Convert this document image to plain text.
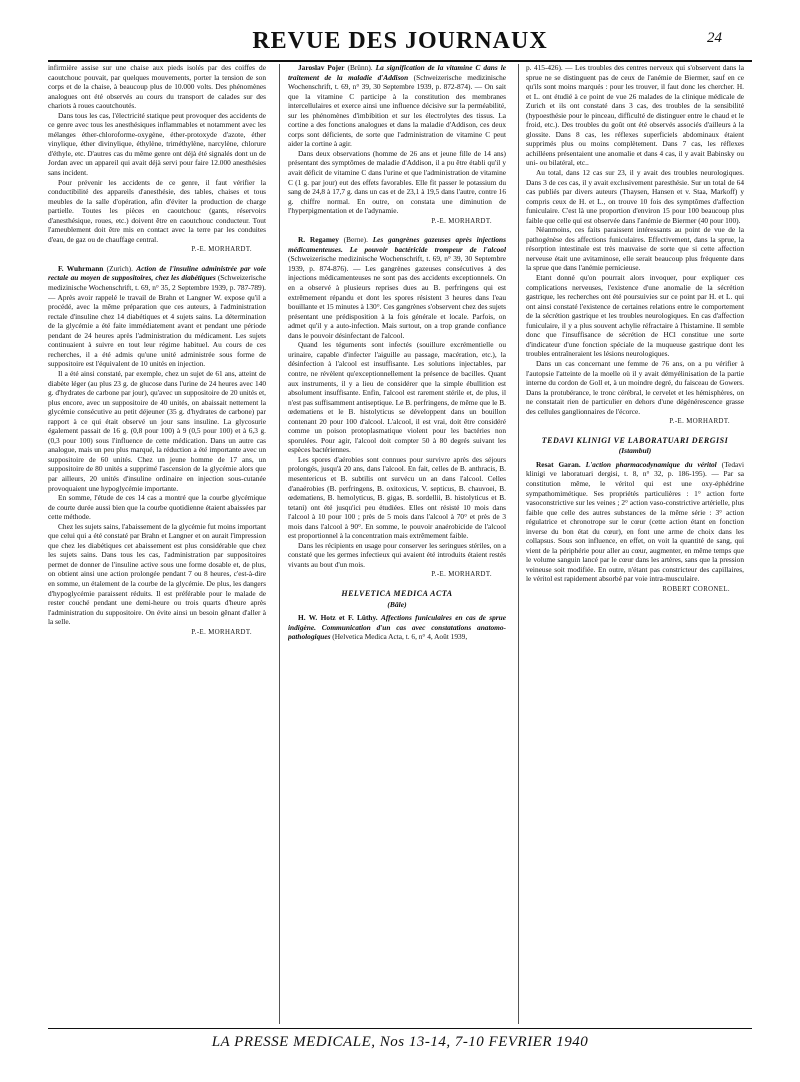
REVUE DES JOURNAUX	24

infirmière assise sur une chaise aux pieds isolés par des coiffes de caoutchouc pouvait, par quelques mouvements, porter la tension de son corps et de la chaise, à beaucoup plus de 10.000 volts. Des phénomènes analogues ont été observés au cours du transport de calades sur des chariots à roues caoutchoutés.

Dans tous les cas, l'électricité statique peut provoquer des accidents de ce genre avec tous les anesthésiques inflammables et notamment avec les mélanges éther-chloroforme-oxygène, éther-protoxyde d'azote, éther vinylique, éther divinylique, éthylène, triméthylène, narcylène, chlorure d'éthyle, etc. D'autres cas du même genre ont déjà été signalés dont un de Jordan avec un appareil qui avait déjà servi pour faire 12.000 anesthésies sans incident.

Pour prévenir les accidents de ce genre, il faut vérifier la conductibilité des appareils d'anesthésie, des tables, chaises et tous meubles de la salle d'opération, afin d'éviter la production de charge partielle. Toutes les pièces en caoutchouc (gants, réservoirs d'anesthésique, roues, etc.) doivent être en caoutchouc conducteur. Tout l'ameublement doit être mis en contact avec la terre par les conduites d'eau, de gaz ou de chauffage central.

P.-E. MORHARDT.

F. Wuhrmann (Zurich). Action de l'insuline administrée par voie rectale au moyen de suppositoires, chez les diabétiques (Schweizerische medizinische Wochenschrift, t. 69, n° 35, 2 Septembre 1939, p. 787-789). — Après avoir rappelé le travail de Brahn et Langner W. expose qu'il a procédé, avec la même préparation que ces auteurs, à l'administration rectale d'insuline chez 14 diabétiques et 4 sujets sains. La détermination de la glycémie a été faite immédiatement avant et pendant une période pendant de 24 heures après l'administration du médicament. Les sujets continuaient à suivre en tout leur régime habituel. Au cours de ces recherches, il a été admis qu'une unité administrée sous forme de suppositoire est l'équivalent de 10 unités en injection.

Il a été ainsi constaté, par exemple, chez un sujet de 61 ans, atteint de diabète léger (au plus 23 g. de glucose dans l'urine de 24 heures avec 140 g. d'hydrates de carbone par jour), qu'avec un suppositoire de 20 unités et, plus encore, avec un suppositoire de 40 unités, on abaissait nettement la glycémie consécutive au petit déjeuner (35 g. d'hydrates de carbone) par rapport à ce qui était observé un jour sans insuline. La glycosurie également passait de 16 g. (0,8 pour 100) à 9 (0,5 pour 100) et à 6,3 g. (0,3 pour 100) sous l'influence de cette médication. Dans un autre cas analogue, mais un peu plus marqué, la réduction a été importante avec un suppositoire de 60 unités. Chez un jeune homme de 17 ans, un suppositoire de 80 unités a supprimé l'ascension de la glycémie alors que par ailleurs, 20 unités d'insuline ordinaire en injection sous-cutanée provoquaient une hypoglycémie importante.

En somme, l'étude de ces 14 cas a montré que la courbe glycémique de courte durée aussi bien que la courbe quotidienne étaient abaissées par cette méthode.

Chez les sujets sains, l'abaissement de la glycémie fut moins important que celui qui a été constaté par Brahn et Langner et on aurait l'impression que chez les diabétiques cet abaissement est plus considérable que chez les sujets sains. Dans tous les cas, l'administration par suppositoires permet de donner de l'insuline active sous une forme dosable et, de plus, on obtient ainsi une action prolongée pendant 7 ou 8 heures, c'est-à-dire en somme, un étalement de la courbe de la glycémie. De plus, les dangers d'hypoglycémie paraissent réduits. Il est préférable pour le malade de rester couché pendant une demi-heure ou trois quarts d'heure après l'administration du suppositoire. On évite ainsi un besoin gênant d'aller à la selle.

P.-E. MORHARDT.

Jaroslav Pojer (Brünn). La signification de la vitamine C dans le traitement de la maladie d'Addison (Schweizerische medizinische Wochenschrift, t. 69, n° 39, 30 Septembre 1939, p. 872-874). — On sait que la vitamine C participe à la constitution des membranes intercellulaires et exerce ainsi une influence décisive sur la perméabilité, sur les phénomènes d'imbibition et sur les électrolytes des tissus. La cortine a des fonctions analogues et dans la maladie d'Addison, ces deux corps sont déficients, de sorte que l'administration de vitamine C peut aider la cortine à agir.

Dans deux observations (homme de 26 ans et jeune fille de 14 ans) présentant des symptômes de maladie d'Addison, il a pu être établi qu'il y avait déficit de vitamine C dans l'urine et que l'administration de vitamine C (1 g. par jour) eut des effets favorables. Elle fit passer le potassium du sang de 24,8 à 17,7 g. dans un cas et de 23,1 à 19,5 dans l'autre, contre 16 g. chiffre normal. En outre, on constata une diminution de l'hyperpigmentation et de l'adynamie.

P.-E. MORHARDT.

R. Regamey (Berne). Les gangrènes gazeuses après injections médicamenteuses. Le pouvoir bactéricide trompeur de l'alcool (Schweizerische medizinische Wochenschrift, t. 69, n° 39, 30 Septembre 1939, p. 874-876). — Les gangrènes gazeuses consécutives à des injections médicamenteuses ne sont pas des accidents exceptionnels. On en a observé à plusieurs reprises dues au B. perfringens qui est extrêmement répandu et dont les spores résistent 3 heures dans l'eau bouillante et 15 minutes à 130°. Ces gangrènes s'observent chez des sujets présentant une prédisposition à la fois générale et locale. Parfois, on admet qu'il y a auto-infection. Mais surtout, on a trop grande confiance dans le pouvoir désinfectant de l'alcool.

Quand les téguments sont infectés (souillure excrémentielle ou urinaire, capable d'infecter l'aiguille au passage, macération, etc.), la désinfection à l'alcool est insuffisante. Les solutions injectables, par contre, ne révèlent qu'exceptionnellement la présence de bacilles. Quant aux instruments, il y a lieu de considérer que la simple ébullition est absolument insuffisante. Enfin, l'alcool est rarement stérile et, de plus, il n'est pas suffisamment antiseptique. Le B. perfringens, de même que le B. œdematiens et le B. histolyticus se développent dans un bouillon contenant 20 pour 100 d'alcool. L'alcool, il est vrai, doit être considéré comme un poison protoplasmatique violent pour les bactéries non sporulées. Pour agir, l'alcool doit compter 50 à 80 degrés suivant les espèces bactériennes.

Les spores d'aérobies sont connues pour survivre après des séjours prolongés, jusqu'à 20 ans, dans l'alcool. En fait, celles de B. anthracis, B. mesentericus et B. subtilis ont survécu un an dans l'alcool. Celles d'anaérobies (B. perfringens, B. oxitoxicus, V. septicus, B. chauvoei, B. œdematiens, B. hemolyticus, B. gigas, B. sordellii, B. histolyticus et B. tetani) ont été jusqu'ici peu étudiées. Elles ont résisté 10 mois dans l'alcool à 10 pour 100 ; près de 5 mois dans l'alcool à 70° et près de 3 mois dans l'alcool à 90°. En somme, le pouvoir anaérobicide de l'alcool est proportionnel à la concentration mais extrêmement faible.

Dans les récipients en usage pour conserver les seringues stériles, on a constaté que les germes infectieux qui avaient été introduits étaient restés vivants au bout d'un mois.

P.-E. MORHARDT.
HELVETICA MEDICA ACTA
(Bâle)

H. W. Hotz et F. Lüthy. Affections funiculaires en cas de sprue indigène. Communication d'un cas avec constatations anatomo-pathologiques (Helvetica Medica Acta, t. 6, n° 4, Août 1939,

p. 415-426). — Les troubles des centres nerveux qui s'observent dans la sprue ne se distinguent pas de ceux de l'anémie de Biermer, sauf en ce qu'ils sont moins marqués : pour les trouver, il faut donc les chercher. H. et L. ont étudié à ce point de vue 26 malades de la clinique médicale de Zurich et ils ont constaté dans 3 cas, des troubles de la sensibilité (hypoesthésie pour le pinceau, difficulté de distinguer entre le chaud et le froid, etc.). Des troubles du goût ont été observés associés d'ailleurs à la glossite. Dans 8 cas, les réflexes superficiels abdominaux étaient supprimés plus ou moins complètement. Dans 7 cas, les réflexes achilléens présentaient une anomalie et dans 4 cas, il y avait Babinsky ou uni- ou bilatéral, etc..

Au total, dans 12 cas sur 23, il y avait des troubles neurologiques. Dans 3 de ces cas, il y avait exclusivement paresthésie. Sur un total de 64 cas publiés par divers auteurs (Thaysen, Hansen et v. Staa, Markoff) y compris ceux de H. et L., on trouve 10 fois des symptômes d'affection funiculaire. C'est là une proportion d'environ 15 pour 100 beaucoup plus faible que celle qui est observée dans l'anémie de Biermer (40 pour 100).

Néanmoins, ces faits paraissent intéressants au point de vue de la pathogénèse des affections funiculaires. Effectivement, dans la sprue, la résorption intestinale est très mauvaise de sorte que si cette affection nerveuse était une avitaminose, elle serait beaucoup plus fréquente dans la sprue que dans l'anémie pernicieuse.

Etant donné qu'on pourrait alors invoquer, pour expliquer ces complications nerveuses, l'existence d'une anomalie de la sécrétion gastrique, les recherches ont été poursuivies sur ce point par H. et L. qui ont ainsi constaté l'existence de certaines relations entre le comportement de la sécrétion gastrique et les troubles neurologiques. En cas d'affection funiculaire, il y a plus souvent achylie réfractaire à l'histamine. Il semble donc que l'insuffisance de sécrétion de HCl constitue une sorte d'indicateur d'une fonction spéciale de la muqueuse gastrique dont les troubles entraîneraient les lésions neurologiques.

Dans un cas concernant une femme de 76 ans, on a pu vérifier à l'autopsie l'atteinte de la moelle où il y avait démyélinisation de la partie interne du cordon de Goll et, à un moindre degré, du faisceau de Gowers. Dans la protubérance, le tronc cérébral, le cervelet et les hémisphères, on ne constatait rien de particulier en dehors d'une dégénérescence grasse des cellules ganglionnaires de l'écorce.

P.-E. MORHARDT.
TEDAVI KLINIGI VE LABORATUARI DERGISI
(Istambul)

Resat Garan. L'action pharmacodynamique du véritol (Tedavi klinigi ve laboratuari dergisi, t. 8, n° 32, p. 186-195). — Par sa constitution même, le véritol qui est une oxy-éphédrine sympathomimétique. Ses propriétés particulières : 1° action forte vasoconstrictive sur les veines ; 2° action vaso-constrictive artérielle, plus faible que celle des autres substances de la même série : 3° action régulatrice et chronotrope sur le cœur (cette action étant en fonction inverse du bon état du cœur), en font une arme de choix dans les collapsus. Sous son influence, en effet, on voit la quantité de sang, qui vient de la périphérie pour aller au cœur, augmenter, en même temps que le volume sanguin lancé par le cœur dans les artères, sans que la pression veineuse soit modifiée. En outre, n'étant pas constricteur des capillaires, le véritol est rapidement absorbé par voie intra-musculaire.

ROBERT CORONEL.
LA PRESSE MEDICALE, Nos 13-14, 7-10 FEVRIER 1940
